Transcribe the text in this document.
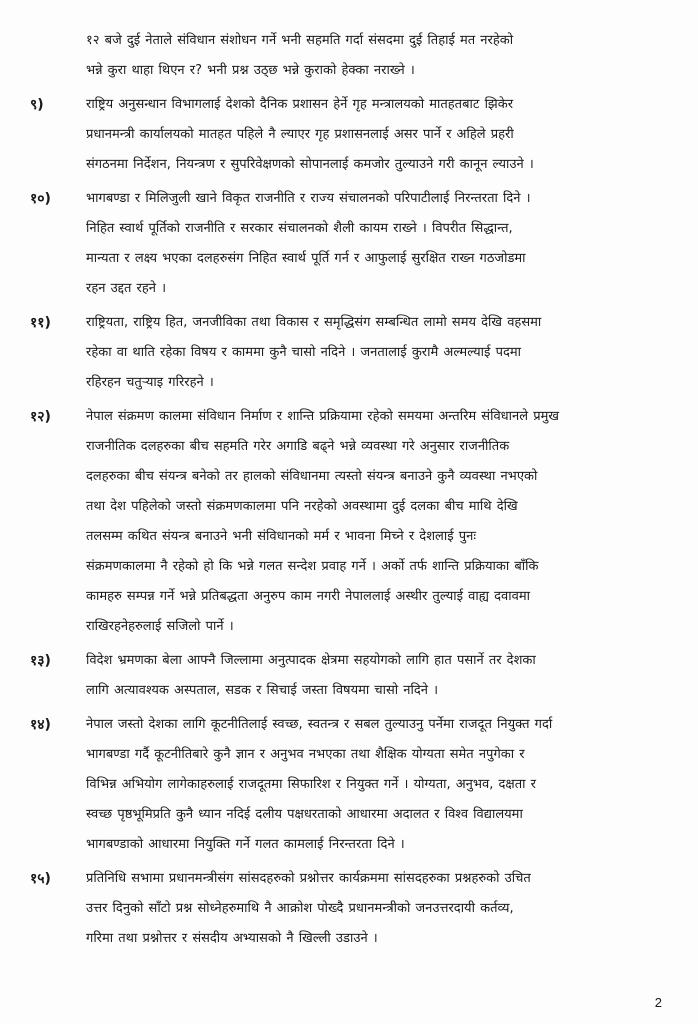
१२ बजे दुई नेताले संविधान संशोधन गर्ने भनी सहमति गर्दा संसदमा दुई तिहाई मत नरहेको
भन्ने कुरा थाहा थिएन र? भनी प्रश्न उठ्छ भन्ने कुराको हेक्का नराख्ने ।
९)	राष्ट्रिय अनुसन्धान विभागलाई देशको दैनिक प्रशासन हेर्ने गृह मन्त्रालयको मातहतबाट झिकेर
प्रधानमन्त्री कार्यालयको मातहत पहिले नै ल्याएर गृह प्रशासनलाई असर पार्ने र अहिले प्रहरी
संगठनमा निर्देशन, नियन्त्रण र सुपरिवेक्षणको सोपानलाई कमजोर तुल्याउने गरी कानून ल्याउने ।
१०)	भागबण्डा र मिलिजुली खाने विकृत राजनीति र राज्य संचालनको परिपाटीलाई निरन्तरता दिने ।
निहित स्वार्थ पूर्तिको राजनीति र सरकार संचालनको शैली कायम राख्ने । विपरीत सिद्धान्त,
मान्यता र लक्ष्य भएका दलहरुसंग निहित स्वार्थ पूर्ति गर्न र आफुलाई सुरक्षित राख्न गठजोडमा
रहन उद्दत रहने ।
११)	राष्ट्रियता, राष्ट्रिय हित, जनजीविका तथा विकास र समृद्धिसंग सम्बन्धित लामो समय देखि वहसमा
रहेका वा थाति रहेका विषय र काममा कुनै चासो नदिने । जनतालाई कुरामै अल्मल्याई पदमा
रहिरहन चतुऱ्याइ गरिरहने ।
१२)	नेपाल संक्रमण कालमा संविधान निर्माण र शान्ति प्रक्रियामा रहेको समयमा अन्तरिम संविधानले प्रमुख
राजनीतिक दलहरुका बीच सहमति गरेर अगाडि बढ्ने भन्ने व्यवस्था गरे अनुसार राजनीतिक
दलहरुका बीच संयन्त्र बनेको तर हालको संविधानमा त्यस्तो संयन्त्र बनाउने कुनै व्यवस्था नभएको
तथा देश पहिलेको जस्तो संक्रमणकालमा पनि नरहेको अवस्थामा दुई दलका बीच माथि देखि
तलसम्म कथित संयन्त्र बनाउने भनी संविधानको मर्म र भावना मिच्ने र देशलाई पुनः
संक्रमणकालमा नै रहेको हो कि भन्ने गलत सन्देश प्रवाह गर्ने । अर्को तर्फ शान्ति प्रक्रियाका बाँकि
कामहरु सम्पन्न गर्ने भन्ने प्रतिबद्धता अनुरुप काम नगरी नेपाललाई अस्थीर तुल्याई वाह्य दवावमा
राखिरहनेहरुलाई सजिलो पार्ने ।
१३)	विदेश भ्रमणका बेला आफ्नै जिल्लामा अनुत्पादक क्षेत्रमा सहयोगको लागि हात पसार्ने तर देशका
लागि अत्यावश्यक अस्पताल, सडक र सिचाई जस्ता विषयमा चासो नदिने ।
१४)	नेपाल जस्तो देशका लागि कूटनीतिलाई स्वच्छ, स्वतन्त्र र सबल तुल्याउनु पर्नेमा राजदूत नियुक्त गर्दा
भागबण्डा गर्दै कूटनीतिबारे कुनै ज्ञान र अनुभव नभएका तथा शैक्षिक योग्यता समेत नपुगेका र
विभिन्न अभियोग लागेकाहरुलाई राजदूतमा सिफारिश र नियुक्त गर्ने । योग्यता, अनुभव, दक्षता र
स्वच्छ पृष्ठभूमिप्रति कुनै ध्यान नदिई दलीय पक्षधरताको आधारमा अदालत र विश्व विद्यालयमा
भागबण्डाको आधारमा नियुक्ति गर्ने गलत कामलाई निरन्तरता दिने ।
१५)	प्रतिनिधि सभामा प्रधानमन्त्रीसंग सांसदहरुको प्रश्नोत्तर कार्यक्रममा सांसदहरुका प्रश्नहरुको उचित
उत्तर दिनुको साँटो प्रश्न सोध्नेहरुमाथि नै आक्रोश पोख्दै प्रधानमन्त्रीको जनउत्तरदायी कर्तव्य,
गरिमा तथा प्रश्नोत्तर र संसदीय अभ्यासको नै खिल्ली उडाउने ।
2
